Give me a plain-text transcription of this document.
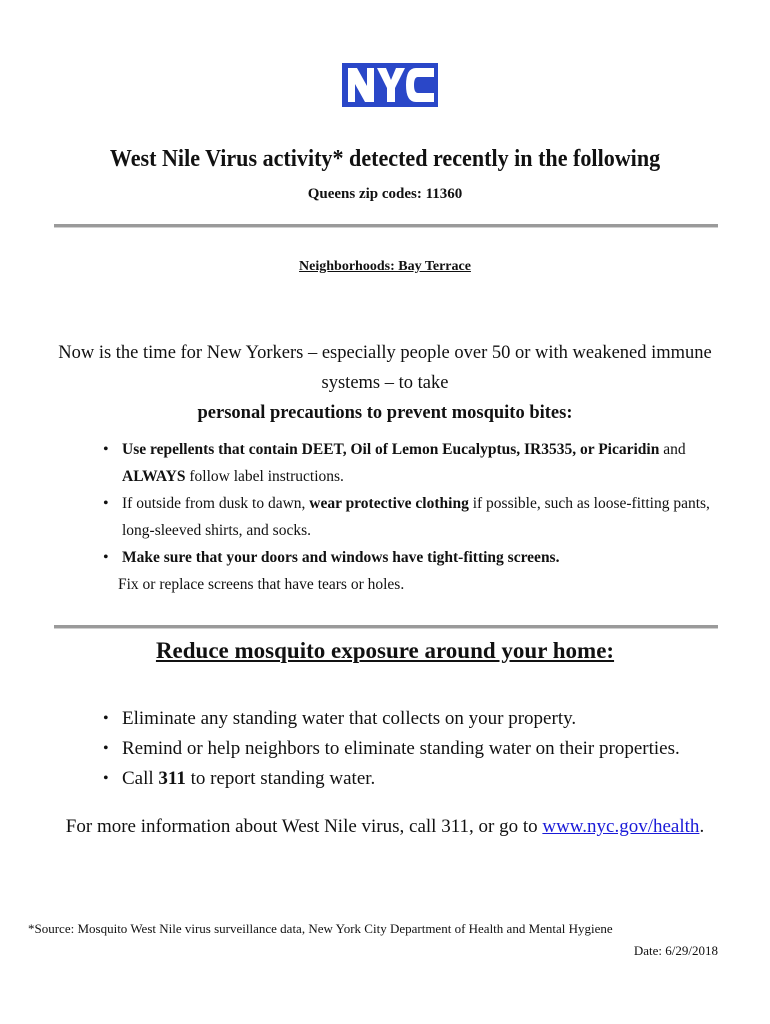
West Nile Virus activity* detected recently in the following
Queens zip codes: 11360
Neighborhoods: Bay Terrace
Now is the time for New Yorkers – especially people over 50 or with weakened immune systems – to take
personal precautions to prevent mosquito bites:
• Use repellents that contain DEET, Oil of Lemon Eucalyptus, IR3535, or Picaridin and
ALWAYS follow label instructions.
• If outside from dusk to dawn, wear protective clothing if possible, such as loose-fitting pants,
long-sleeved shirts, and socks.
• Make sure that your doors and windows have tight-fitting screens.
Fix or replace screens that have tears or holes.
Reduce mosquito exposure around your home:
• Eliminate any standing water that collects on your property.
• Remind or help neighbors to eliminate standing water on their properties.
• Call 311 to report standing water.
For more information about West Nile virus, call 311, or go to www.nyc.gov/health.
*Source: Mosquito West Nile virus surveillance data, New York City Department of Health and Mental Hygiene
Date: 6/29/2018
